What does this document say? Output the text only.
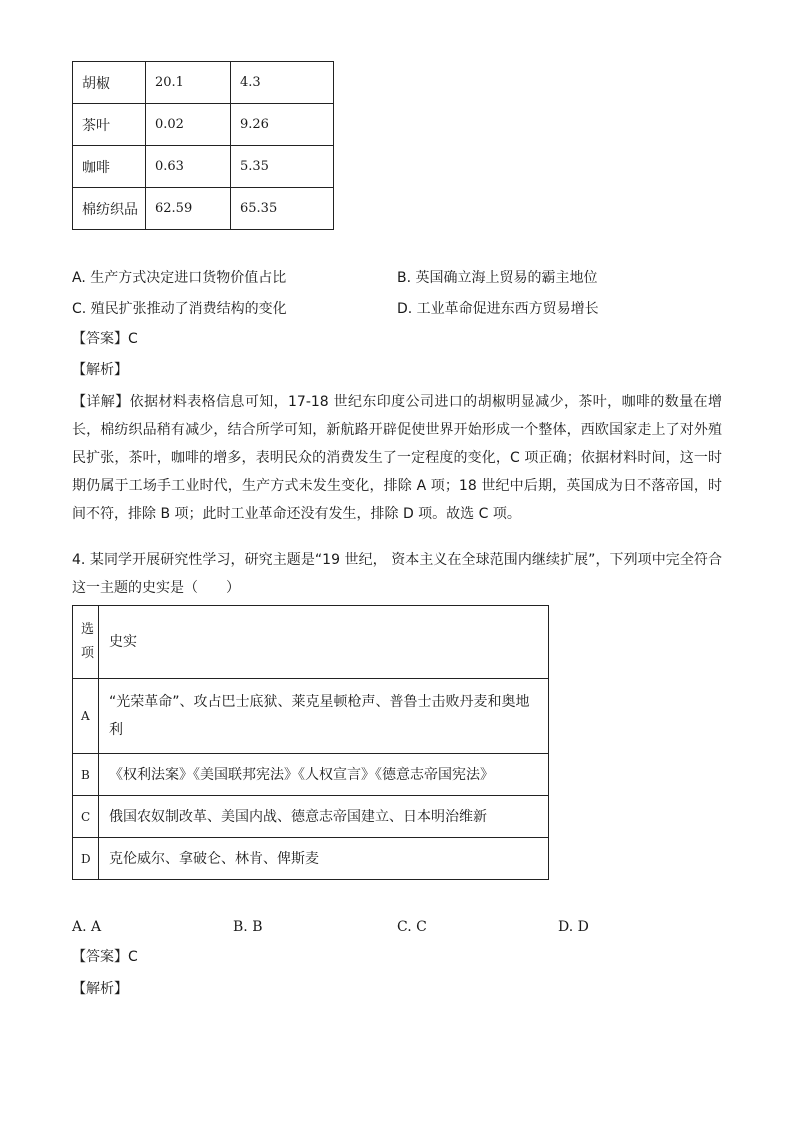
胡椒	20.1	4.3
茶叶	0.02	9.26
咖啡	0.63	5.35
棉纺织品	62.59	65.35
A. 生产方式决定进口货物价值占比	B. 英国确立海上贸易的霸主地位
C. 殖民扩张推动了消费结构的变化	D. 工业革命促进东西方贸易增长
【答案】C
【解析】
【详解】依据材料表格信息可知，17-18 世纪东印度公司进口的胡椒明显减少，茶叶，咖啡的数量在增长，棉纺织品稍有减少，结合所学可知，新航路开辟促使世界开始形成一个整体，西欧国家走上了对外殖民扩张，茶叶，咖啡的增多，表明民众的消费发生了一定程度的变化，C 项正确；依据材料时间，这一时期仍属于工场手工业时代，生产方式未发生变化，排除 A 项；18 世纪中后期，英国成为日不落帝国，时间不符，排除 B 项；此时工业革命还没有发生，排除 D 项。故选 C 项。
4. 某同学开展研究性学习，研究主题是“19 世纪， 资本主义在全球范围内继续扩展”，下列项中完全符合这一主题的史实是（　　）
选项	史实
A	“光荣革命”、攻占巴士底狱、莱克星顿枪声、普鲁士击败丹麦和奥地利
B	《权利法案》《美国联邦宪法》《人权宣言》《德意志帝国宪法》
C	俄国农奴制改革、美国内战、德意志帝国建立、日本明治维新
D	克伦威尔、拿破仑、林肯、俾斯麦
A. A	B. B	C. C	D. D
【答案】C
【解析】
